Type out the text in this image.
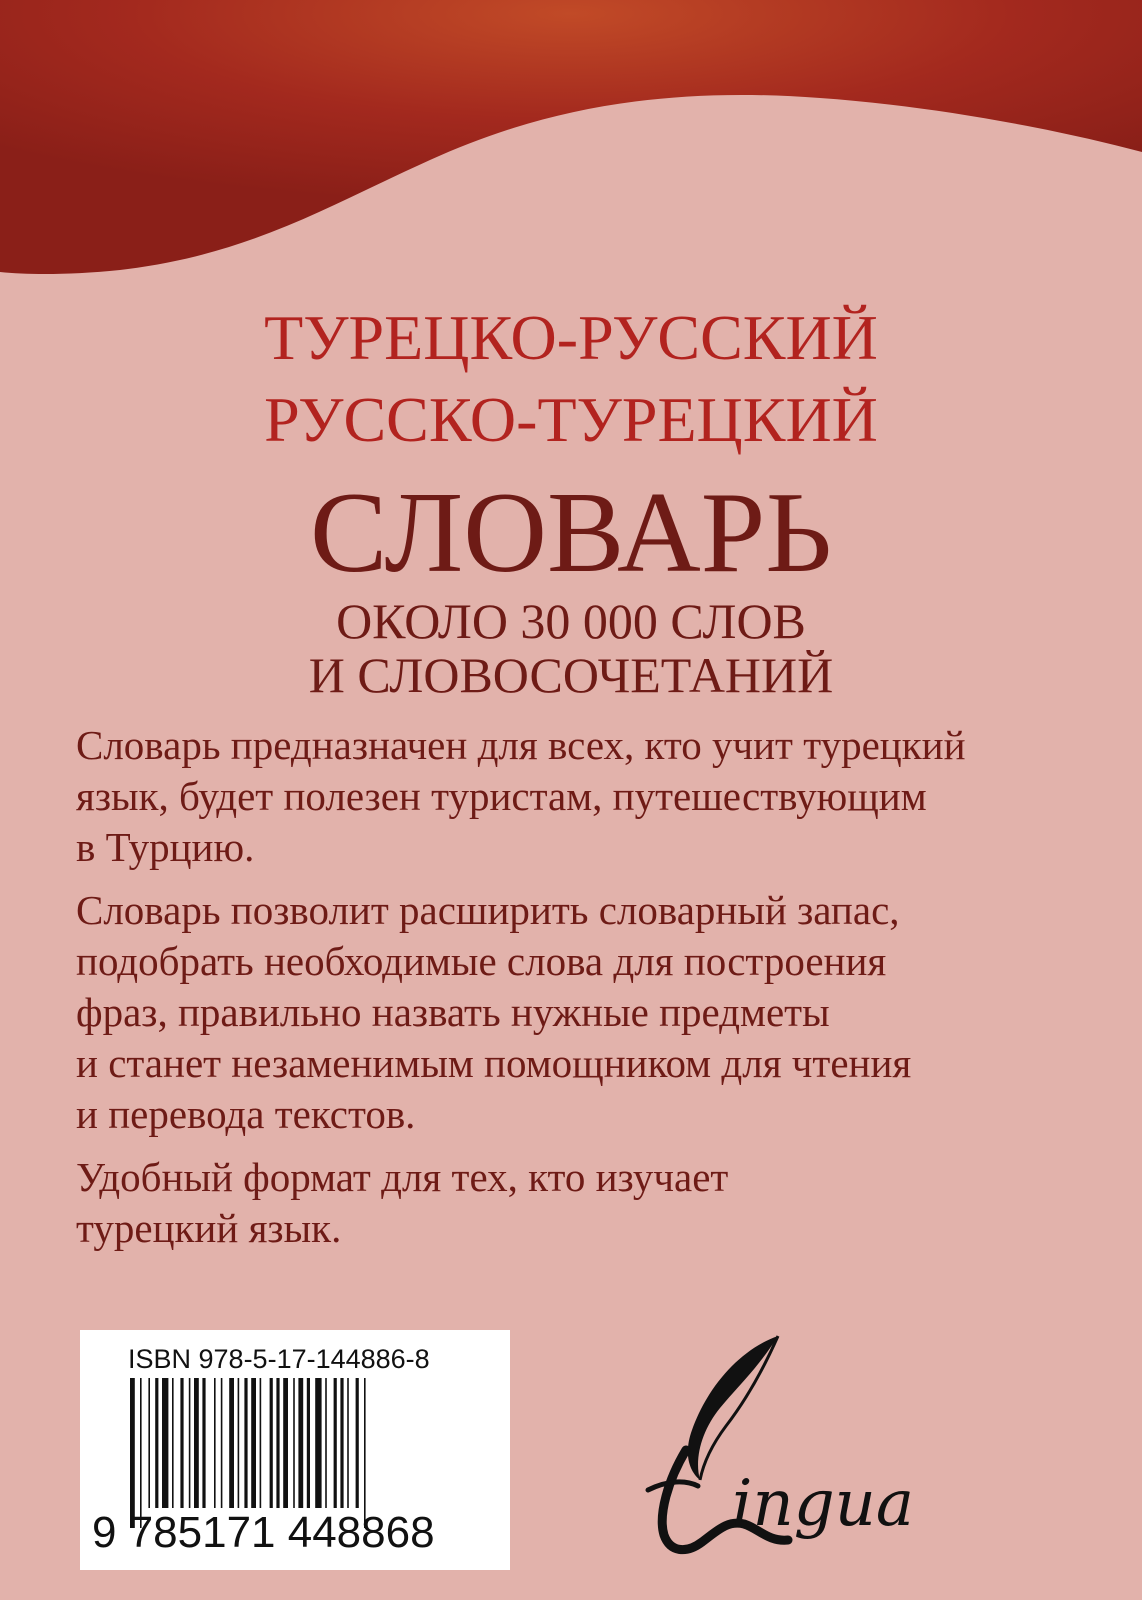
ТУРЕЦКО-РУССКИЙ
РУССКО-ТУРЕЦКИЙ
СЛОВАРЬ
ОКОЛО 30 000 СЛОВ
И СЛОВОСОЧЕТАНИЙ

Словарь предназначен для всех, кто учит турецкий
язык, будет полезен туристам, путешествующим
в Турцию.

Словарь позволит расширить словарный запас,
подобрать необходимые слова для построения
фраз, правильно назвать нужные предметы
и станет незаменимым помощником для чтения
и перевода текстов.

Удобный формат для тех, кто изучает
турецкий язык.

ISBN 978-5-17-144886-8
9 785171 448868	ingua
